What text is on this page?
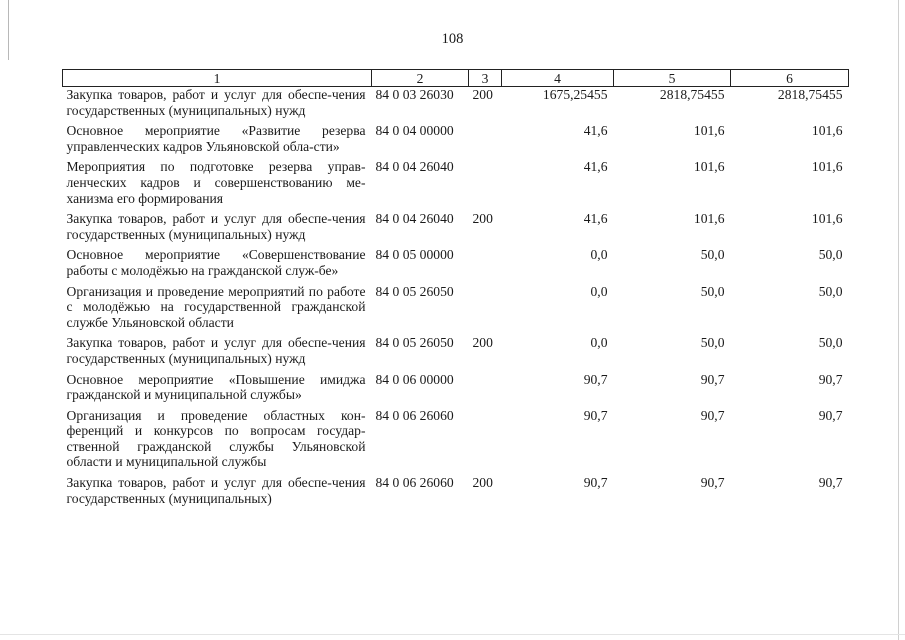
108
1	2	3	4	5	6
Закупка товаров, работ и услуг для обеспе-чения государственных (муниципальных) нужд	84 0 03 26030	200	1675,25455	2818,75455	2818,75455
Основное мероприятие «Развитие резерва управленческих кадров Ульяновской обла-сти»	84 0 04 00000		41,6	101,6	101,6
Мероприятия по подготовке резерва управ-ленческих кадров и совершенствованию ме-ханизма его формирования	84 0 04 26040		41,6	101,6	101,6
Закупка товаров, работ и услуг для обеспе-чения государственных (муниципальных) нужд	84 0 04 26040	200	41,6	101,6	101,6
Основное мероприятие «Совершенствование работы с молодёжью на гражданской служ-бе»	84 0 05 00000		0,0	50,0	50,0
Организация и проведение мероприятий по работе с молодёжью на государственной гражданской службе Ульяновской области	84 0 05 26050		0,0	50,0	50,0
Закупка товаров, работ и услуг для обеспе-чения государственных (муниципальных) нужд	84 0 05 26050	200	0,0	50,0	50,0
Основное мероприятие «Повышение имиджа гражданской и муниципальной службы»	84 0 06 00000		90,7	90,7	90,7
Организация и проведение областных кон-ференций и конкурсов по вопросам государ-ственной гражданской службы Ульяновской области и муниципальной службы	84 0 06 26060		90,7	90,7	90,7
Закупка товаров, работ и услуг для обеспе-чения государственных (муниципальных)	84 0 06 26060	200	90,7	90,7	90,7
